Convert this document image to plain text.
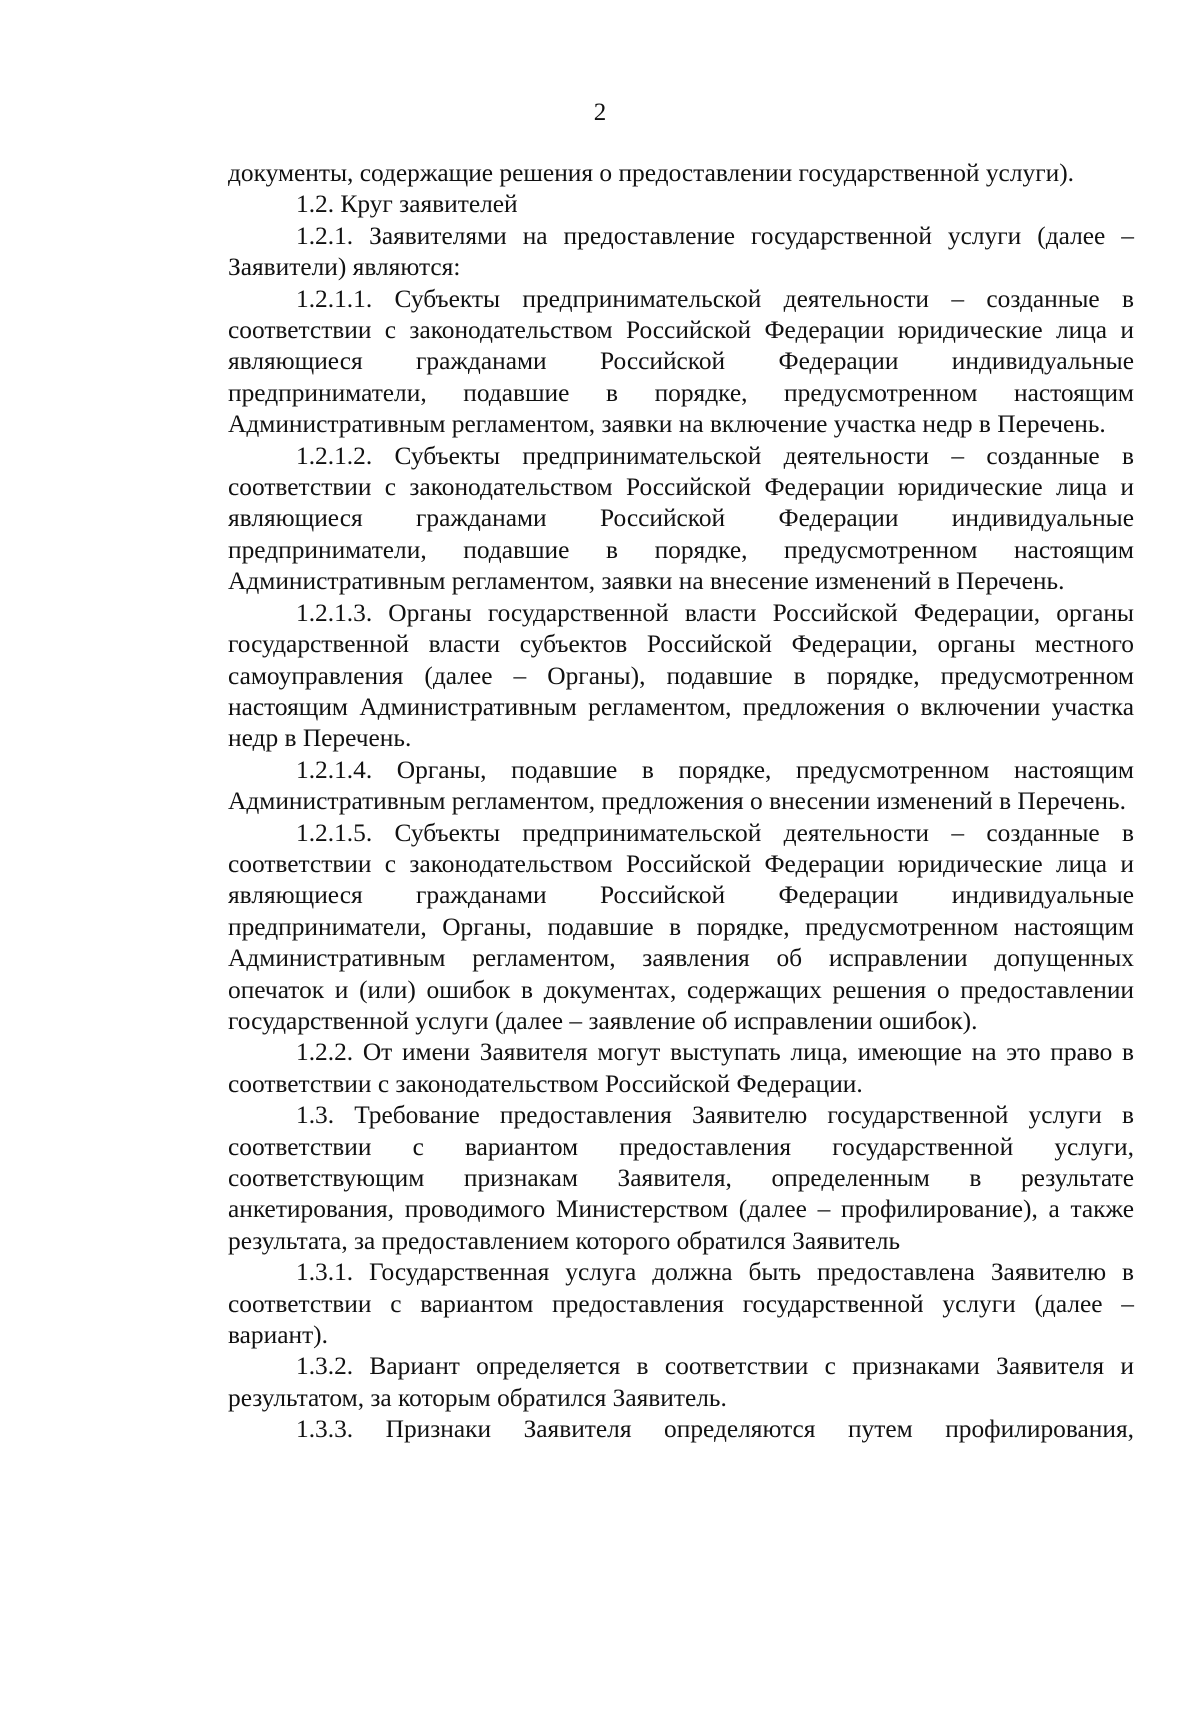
2

документы, содержащие решения о предоставлении государственной услуги).

1.2. Круг заявителей

1.2.1. Заявителями на предоставление государственной услуги (далее – Заявители) являются:

1.2.1.1. Субъекты предпринимательской деятельности – созданные в соответствии с законодательством Российской Федерации юридические лица и являющиеся гражданами Российской Федерации индивидуальные предприниматели, подавшие в порядке, предусмотренном настоящим Административным регламентом, заявки на включение участка недр в Перечень.

1.2.1.2. Субъекты предпринимательской деятельности – созданные в соответствии с законодательством Российской Федерации юридические лица и являющиеся гражданами Российской Федерации индивидуальные предприниматели, подавшие в порядке, предусмотренном настоящим Административным регламентом, заявки на внесение изменений в Перечень.

1.2.1.3. Органы государственной власти Российской Федерации, органы государственной власти субъектов Российской Федерации, органы местного самоуправления (далее – Органы), подавшие в порядке, предусмотренном настоящим Административным регламентом, предложения о включении участка недр в Перечень.

1.2.1.4. Органы, подавшие в порядке, предусмотренном настоящим Административным регламентом, предложения о внесении изменений в Перечень.

1.2.1.5. Субъекты предпринимательской деятельности – созданные в соответствии с законодательством Российской Федерации юридические лица и являющиеся гражданами Российской Федерации индивидуальные предприниматели, Органы, подавшие в порядке, предусмотренном настоящим Административным регламентом, заявления об исправлении допущенных опечаток и (или) ошибок в документах, содержащих решения о предоставлении государственной услуги (далее – заявление об исправлении ошибок).

1.2.2. От имени Заявителя могут выступать лица, имеющие на это право в соответствии с законодательством Российской Федерации.

1.3. Требование предоставления Заявителю государственной услуги в соответствии с вариантом предоставления государственной услуги, соответствующим признакам Заявителя, определенным в результате анкетирования, проводимого Министерством (далее – профилирование), а также результата, за предоставлением которого обратился Заявитель

1.3.1. Государственная услуга должна быть предоставлена Заявителю в соответствии с вариантом предоставления государственной услуги (далее – вариант).

1.3.2. Вариант определяется в соответствии с признаками Заявителя и результатом, за которым обратился Заявитель.

1.3.3. Признаки Заявителя определяются путем профилирования,
